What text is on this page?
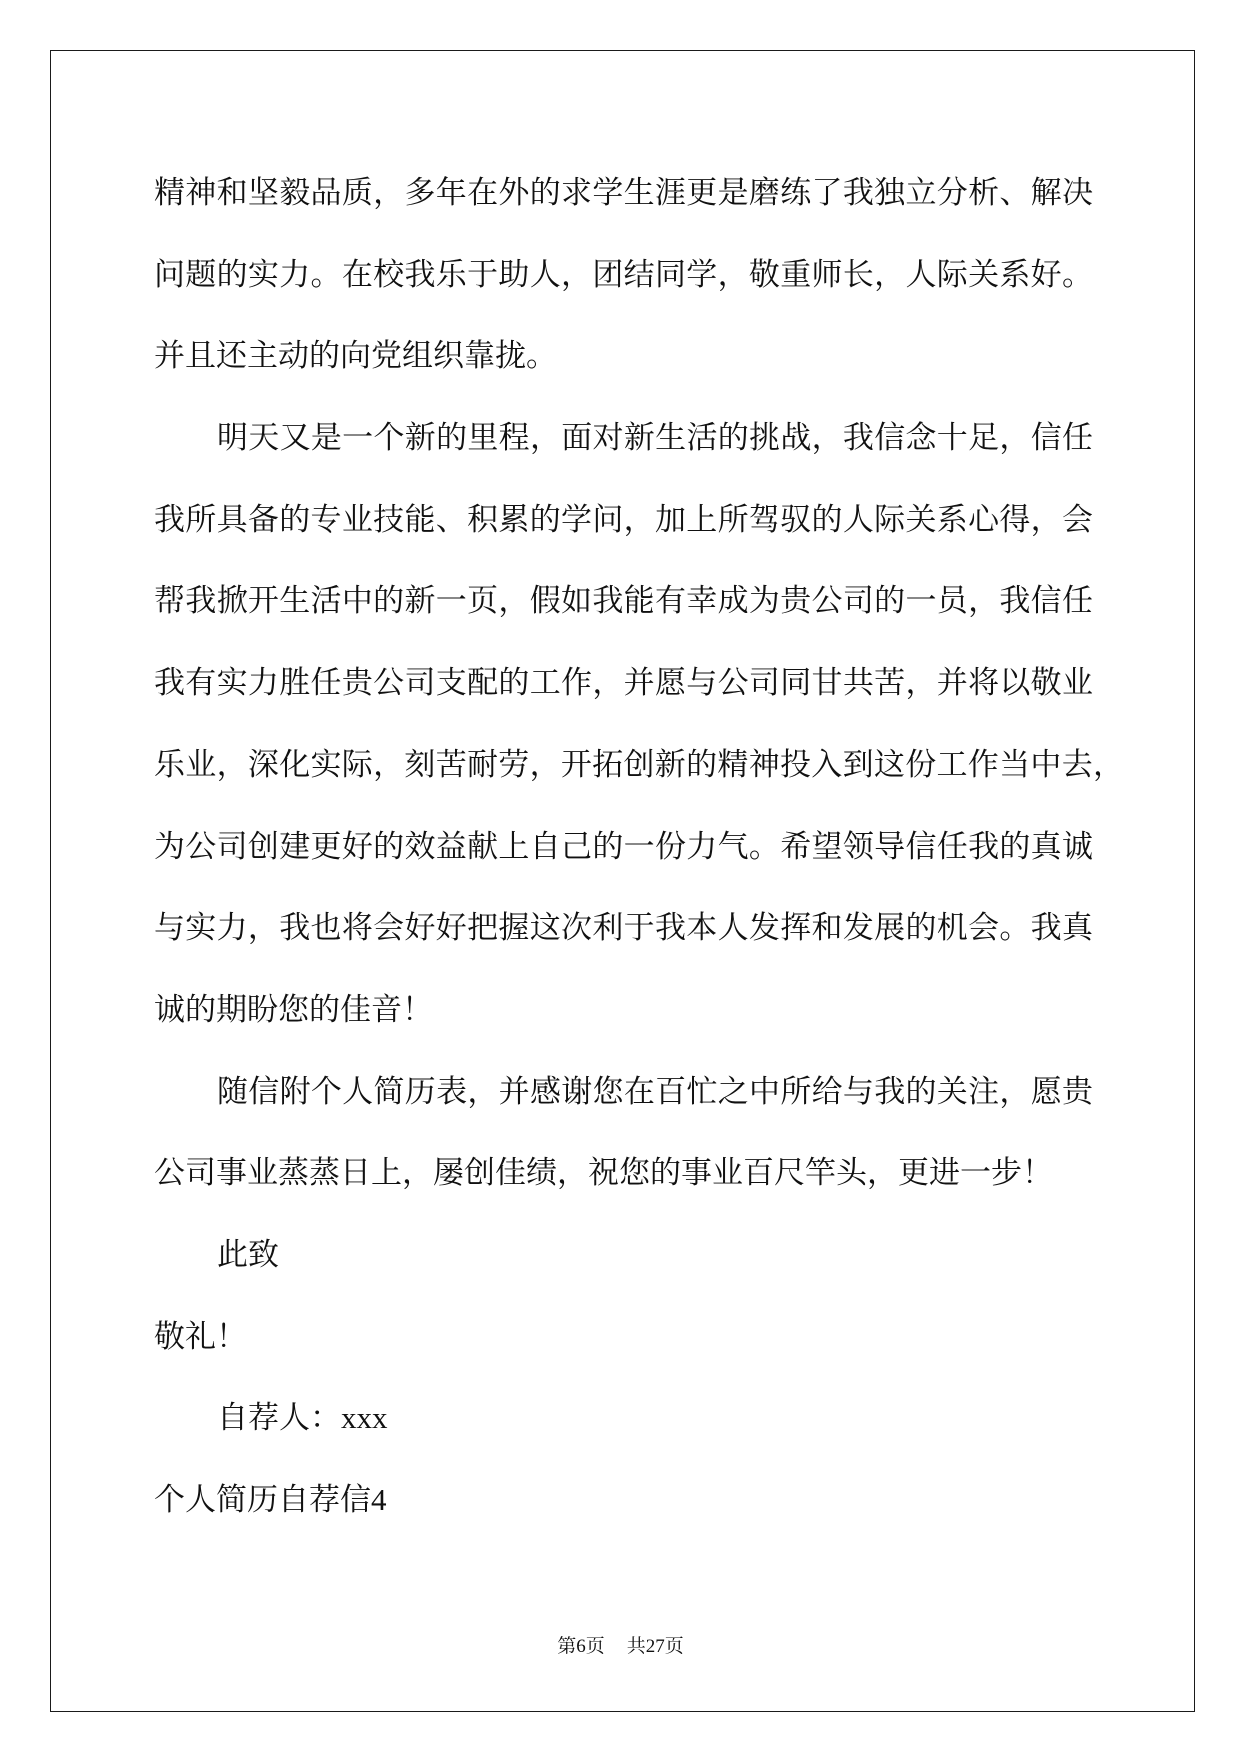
精神和坚毅品质，多年在外的求学生涯更是磨练了我独立分析、解决
问题的实力。在校我乐于助人，团结同学，敬重师长，人际关系好。
并且还主动的向党组织靠拢。
明天又是一个新的里程，面对新生活的挑战，我信念十足，信任
我所具备的专业技能、积累的学问，加上所驾驭的人际关系心得，会
帮我掀开生活中的新一页，假如我能有幸成为贵公司的一员，我信任
我有实力胜任贵公司支配的工作，并愿与公司同甘共苦，并将以敬业
乐业，深化实际，刻苦耐劳，开拓创新的精神投入到这份工作当中去，
为公司创建更好的效益献上自己的一份力气。希望领导信任我的真诚
与实力，我也将会好好把握这次利于我本人发挥和发展的机会。我真
诚的期盼您的佳音！
随信附个人简历表，并感谢您在百忙之中所给与我的关注，愿贵
公司事业蒸蒸日上，屡创佳绩，祝您的事业百尺竿头，更进一步！
此致
敬礼！
自荐人：xxx
个人简历自荐信4
第6页 共27页
